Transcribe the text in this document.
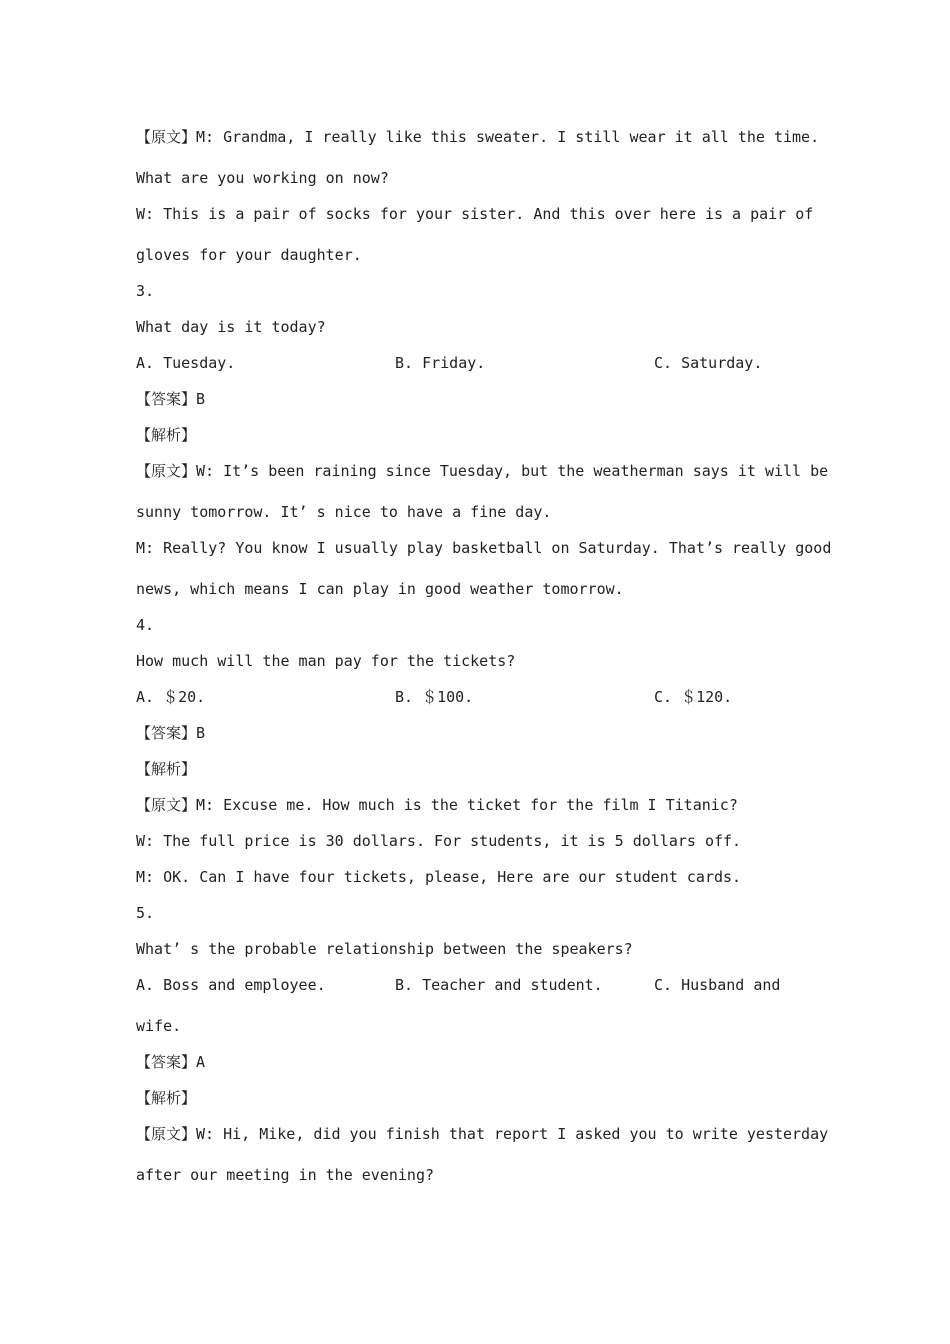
【原文】M: Grandma, I really like this sweater. I still wear it all the time.
What are you working on now?
W: This is a pair of socks for your sister. And this over here is a pair of
gloves for your daughter.
3.
What day is it today?
A. Tuesday.	B. Friday.	C. Saturday.
【答案】B
【解析】
【原文】W: It’s been raining since Tuesday, but the weatherman says it will be
sunny tomorrow. It’ s nice to have a fine day.
M: Really? You know I usually play basketball on Saturday. That’s really good
news, which means I can play in good weather tomorrow.
4.
How much will the man pay for the tickets?
A. ＄20.	B. ＄100.	C. ＄120.
【答案】B
【解析】
【原文】M: Excuse me. How much is the ticket for the film I Titanic?
W: The full price is 30 dollars. For students, it is 5 dollars off.
M: OK. Can I have four tickets, please, Here are our student cards.
5.
What’ s the probable relationship between the speakers?
A. Boss and employee.	B. Teacher and student.	C. Husband and
wife.
【答案】A
【解析】
【原文】W: Hi, Mike, did you finish that report I asked you to write yesterday
after our meeting in the evening?
